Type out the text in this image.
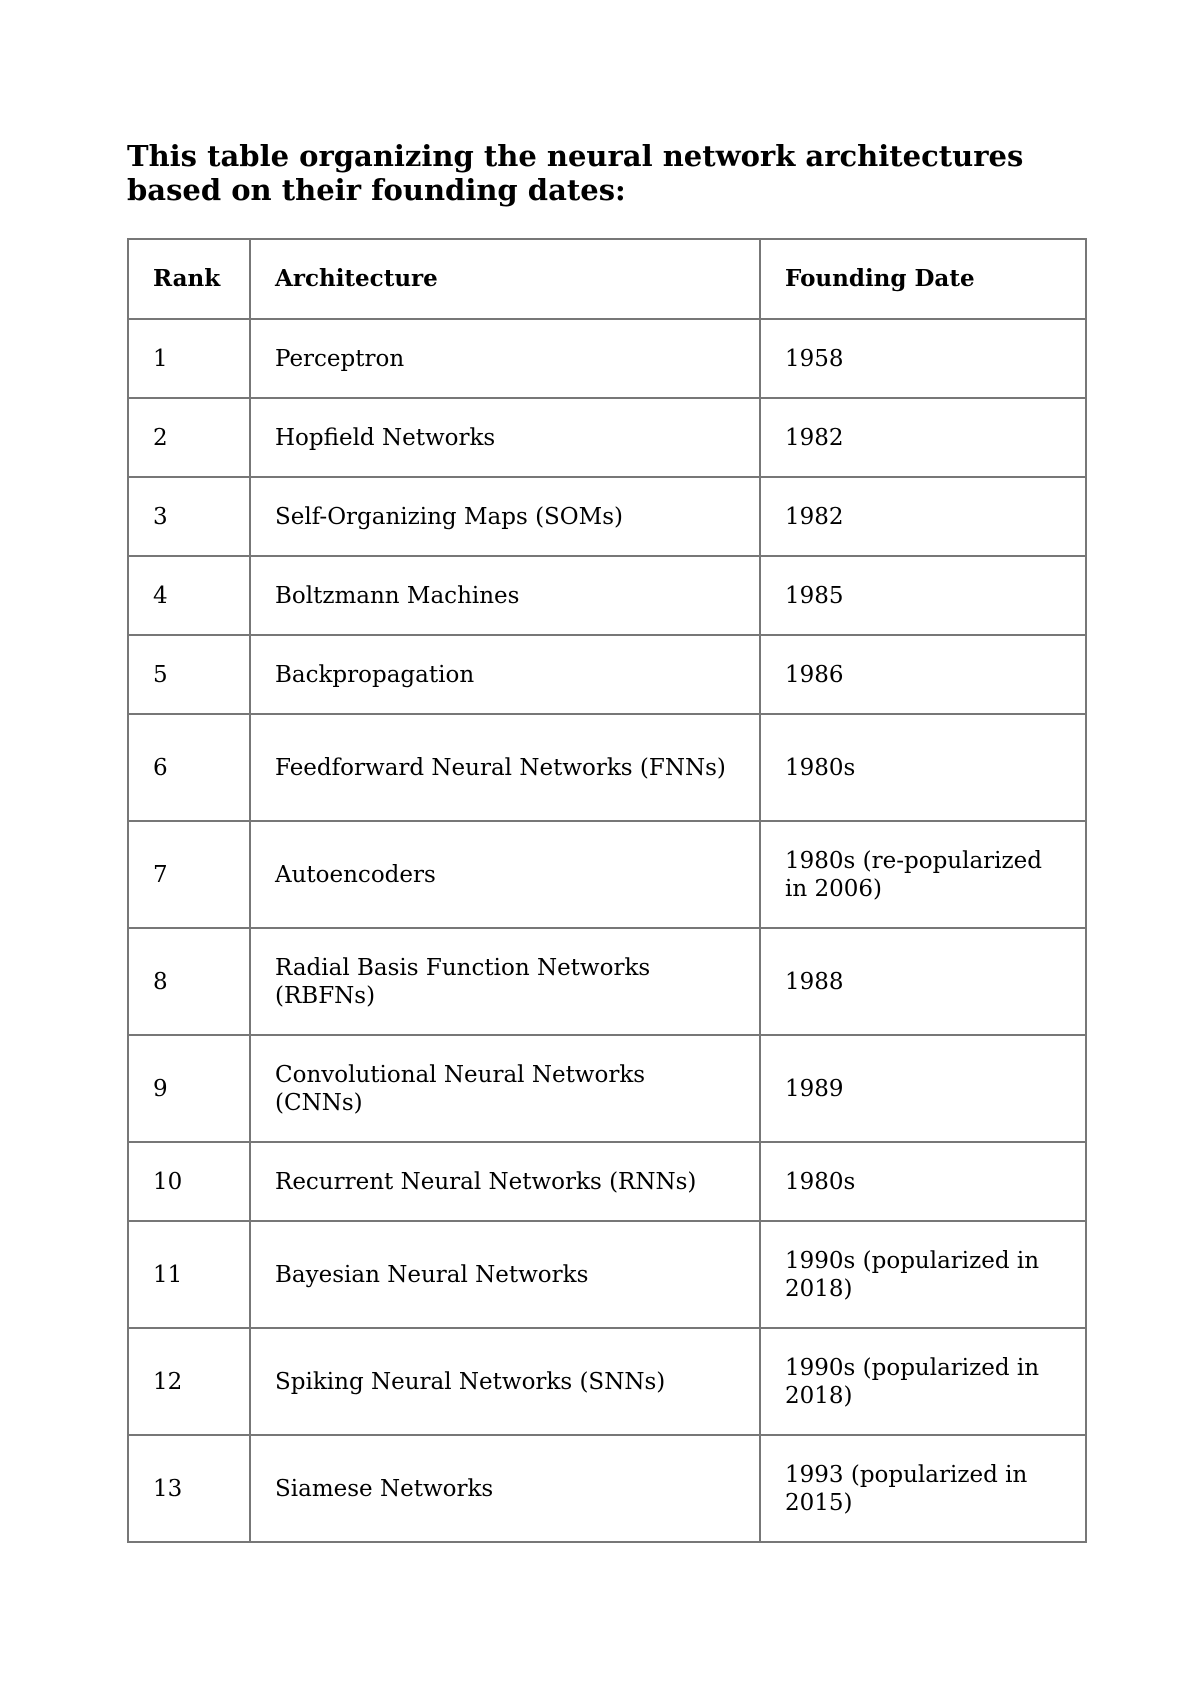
This table organizing the neural network architectures based on their founding dates:
Rank	Architecture	Founding Date
1	Perceptron	1958
2	Hopfield Networks	1982
3	Self-Organizing Maps (SOMs)	1982
4	Boltzmann Machines	1985
5	Backpropagation	1986
6	Feedforward Neural Networks (FNNs)	1980s
7	Autoencoders	1980s (re-popularized in 2006)
8	Radial Basis Function Networks (RBFNs)	1988
9	Convolutional Neural Networks (CNNs)	1989
10	Recurrent Neural Networks (RNNs)	1980s
11	Bayesian Neural Networks	1990s (popularized in 2018)
12	Spiking Neural Networks (SNNs)	1990s (popularized in 2018)
13	Siamese Networks	1993 (popularized in 2015)
